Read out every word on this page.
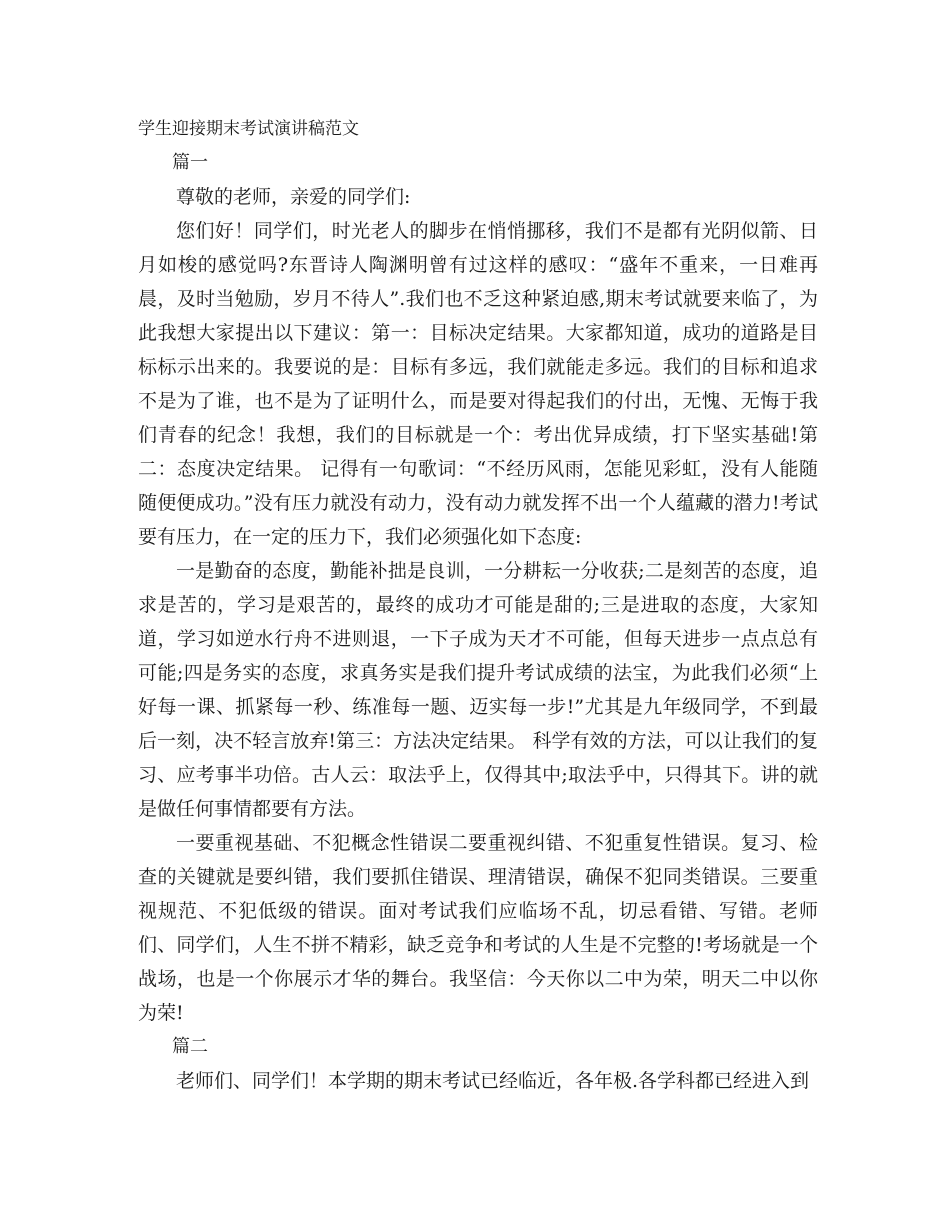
学生迎接期末考试演讲稿范文

篇一

尊敬的老师，亲爱的同学们:

您们好！同学们，时光老人的脚步在悄悄挪移，我们不是都有光阴似箭、日月如梭的感觉吗?东晋诗人陶渊明曾有过这样的感叹：“盛年不重来，一日难再晨，及时当勉励，岁月不待人”.我们也不乏这种紧迫感,期末考试就要来临了，为此我想大家提出以下建议：第一：目标决定结果。大家都知道，成功的道路是目标标示出来的。我要说的是：目标有多远，我们就能走多远。我们的目标和追求不是为了谁，也不是为了证明什么，而是要对得起我们的付出，无愧、无悔于我们青春的纪念！我想，我们的目标就是一个：考出优异成绩，打下坚实基础!第二：态度决定结果。 记得有一句歌词：“不经历风雨，怎能见彩虹，没有人能随随便便成功。”没有压力就没有动力，没有动力就发挥不出一个人蕴藏的潜力!考试要有压力，在一定的压力下，我们必须强化如下态度:

一是勤奋的态度，勤能补拙是良训，一分耕耘一分收获;二是刻苦的态度，追求是苦的，学习是艰苦的，最终的成功才可能是甜的;三是进取的态度，大家知道，学习如逆水行舟不进则退，一下子成为天才不可能，但每天进步一点点总有可能;四是务实的态度，求真务实是我们提升考试成绩的法宝，为此我们必须“上好每一课、抓紧每一秒、练准每一题、迈实每一步!”尤其是九年级同学，不到最后一刻，决不轻言放弃!第三：方法决定结果。 科学有效的方法，可以让我们的复习、应考事半功倍。古人云：取法乎上，仅得其中;取法乎中，只得其下。讲的就是做任何事情都要有方法。

一要重视基础、不犯概念性错误二要重视纠错、不犯重复性错误。复习、检查的关键就是要纠错，我们要抓住错误、理清错误，确保不犯同类错误。三要重视规范、不犯低级的错误。面对考试我们应临场不乱，切忌看错、写错。老师们、同学们，人生不拼不精彩，缺乏竞争和考试的人生是不完整的!考场就是一个战场，也是一个你展示才华的舞台。我坚信：今天你以二中为荣，明天二中以你为荣!

篇二

老师们、同学们！本学期的期末考试已经临近，各年极.各学科都已经进入到
